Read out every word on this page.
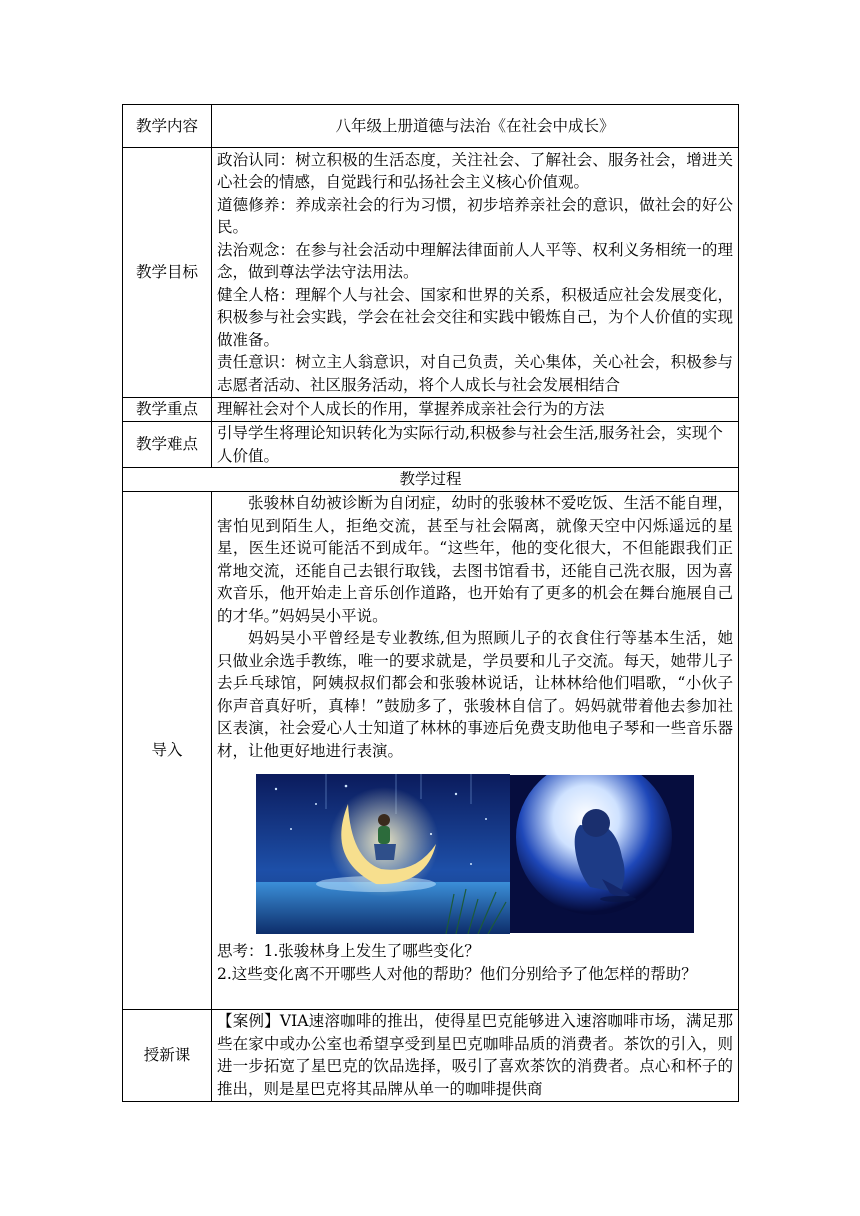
教学内容	八年级上册道德与法治《在社会中成长》
教学目标	政治认同：树立积极的生活态度，关注社会、了解社会、服务社会，增进关心社会的情感，自觉践行和弘扬社会主义核心价值观。

道德修养：养成亲社会的行为习惯，初步培养亲社会的意识，做社会的好公民。

法治观念：在参与社会活动中理解法律面前人人平等、权利义务相统一的理念，做到尊法学法守法用法。

健全人格：理解个人与社会、国家和世界的关系，积极适应社会发展变化，积极参与社会实践，学会在社会交往和实践中锻炼自己，为个人价值的实现做准备。

责任意识：树立主人翁意识，对自己负责，关心集体，关心社会，积极参与志愿者活动、社区服务活动，将个人成长与社会发展相结合

教学重点	理解社会对个人成长的作用，掌握养成亲社会行为的方法
教学难点	引导学生将理论知识转化为实际行动,积极参与社会生活,服务社会，实现个人价值。
教学过程	
导入	张骏林自幼被诊断为自闭症，幼时的张骏林不爱吃饭、生活不能自理，害怕见到陌生人，拒绝交流，甚至与社会隔离，就像天空中闪烁遥远的星星，医生还说可能活不到成年。“这些年，他的变化很大，不但能跟我们正常地交流，还能自己去银行取钱，去图书馆看书，还能自己洗衣服，因为喜欢音乐，他开始走上音乐创作道路，也开始有了更多的机会在舞台施展自己的才华。”妈妈吴小平说。

妈妈吴小平曾经是专业教练,但为照顾儿子的衣食住行等基本生活，她只做业余选手教练，唯一的要求就是，学员要和儿子交流。每天，她带儿子去乒乓球馆，阿姨叔叔们都会和张骏林说话，让林林给他们唱歌，“小伙子你声音真好听，真棒！”鼓励多了，张骏林自信了。妈妈就带着他去参加社区表演，社会爱心人士知道了林林的事迹后免费支助他电子琴和一些音乐器材，让他更好地进行表演。

思考：1.张骏林身上发生了哪些变化？

2.这些变化离不开哪些人对他的帮助？他们分别给予了他怎样的帮助？

授新课	【案例】VIA速溶咖啡的推出，使得星巴克能够进入速溶咖啡市场，满足那些在家中或办公室也希望享受到星巴克咖啡品质的消费者。茶饮的引入，则进一步拓宽了星巴克的饮品选择，吸引了喜欢茶饮的消费者。点心和杯子的推出，则是星巴克将其品牌从单一的咖啡提供商
